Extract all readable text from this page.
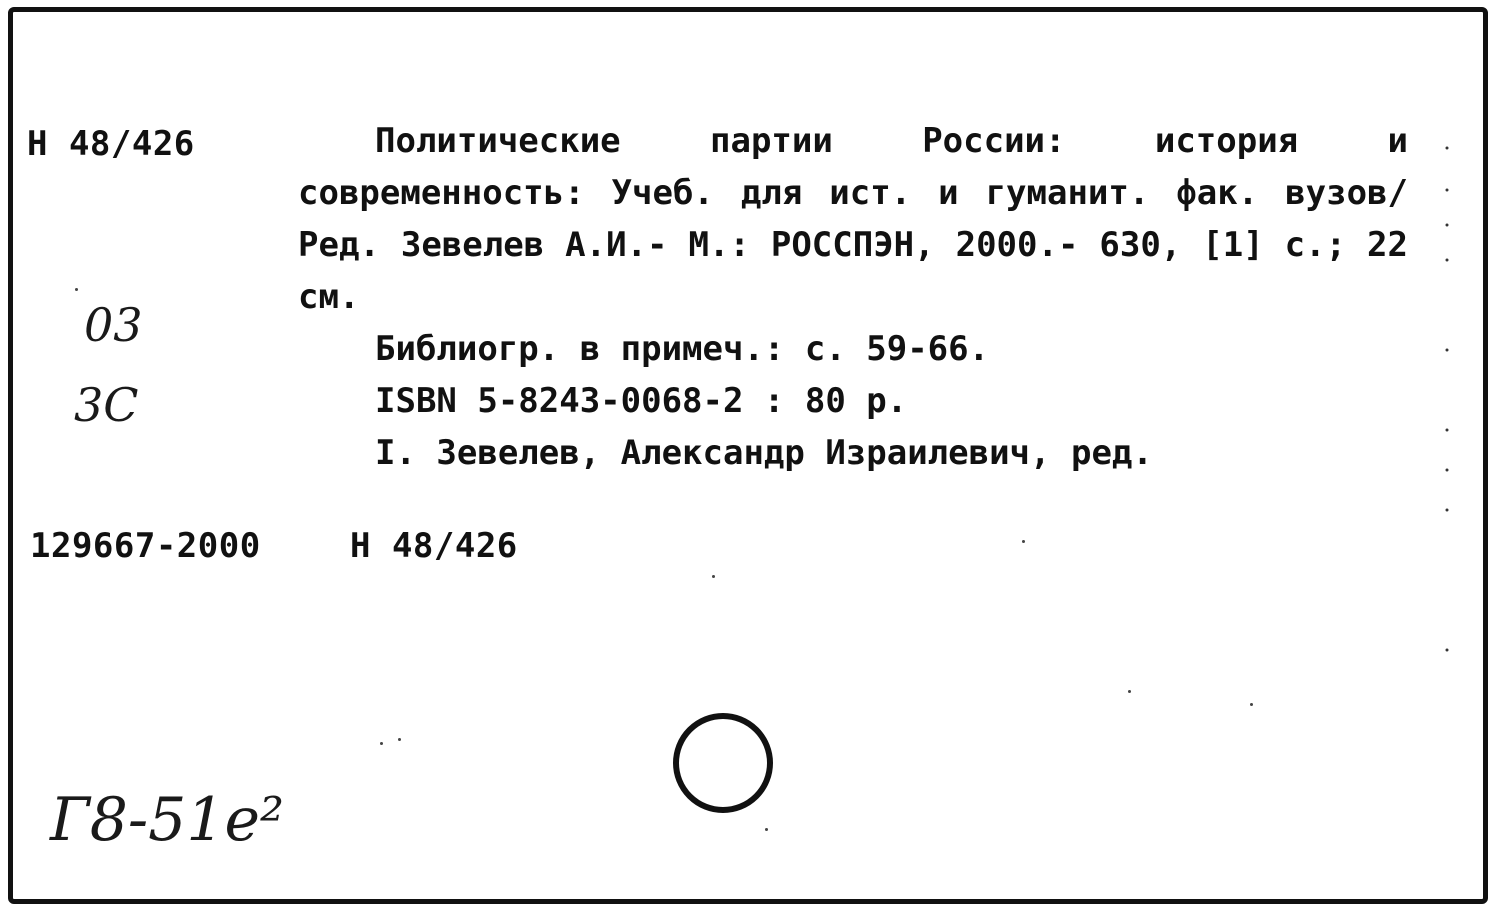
Н 48/426	Политические партии России: история и современность: Учеб. для ист. и гуманит. фак. вузов/ Ред. Зевелев А.И.- М.: РОССПЭН, 2000.- 630, [1] с.; 22 см.
Библиогр. в примеч.: с. 59-66.
ISBN 5-8243-0068-2 : 80 р.
I. Зевелев, Александр Израилевич, ред.
129667-2000	Н 48/426
03
3С
Г8-51е²
